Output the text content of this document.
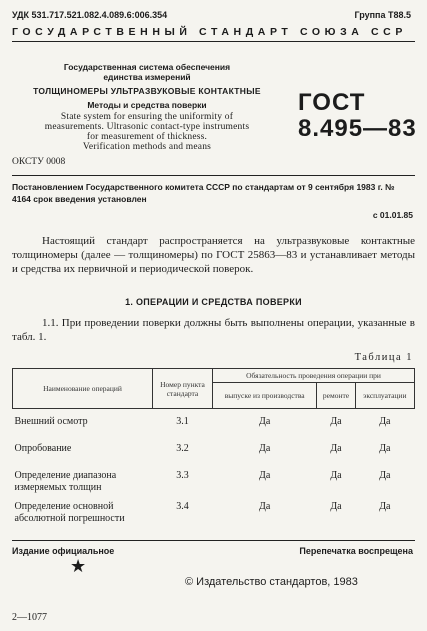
УДК 531.717.521.082.4.089.6:006.354	Группа Т88.5
ГОСУДАРСТВЕННЫЙ СТАНДАРТ СОЮЗА ССР
Государственная система обеспечения
единства измерений
ТОЛЩИНОМЕРЫ УЛЬТРАЗВУКОВЫЕ КОНТАКТНЫЕ
Методы и средства поверки
State system for ensuring the uniformity of
measurements. Ultrasonic contact-type instruments
for measurement of thickness.
Verification methods and means
ГОСТ
8.495—83
ОКСТУ 0008
Постановлением Государственного комитета СССР по стандартам от 9 сентября 1983 г. № 4164 срок введения установлен
с 01.01.85
Настоящий стандарт распространяется на ультразвуковые контактные толщиномеры (далее — толщиномеры) по ГОСТ 25863—83 и устанавливает методы и средства их первичной и периодической поверок.
1. ОПЕРАЦИИ И СРЕДСТВА ПОВЕРКИ
1.1. При проведении поверки должны быть выполнены операции, указанные в табл. 1.
Таблица 1
Наименование операций	Номер пункта стандарта	Обязательность проведения операции при		
		выпуске из производства	ремонте	эксплуатации
Внешний осмотр	3.1	Да	Да	Да
Опробование	3.2	Да	Да	Да
Определение диапазона измеряемых толщин	3.3	Да	Да	Да
Определение основной абсолютной погрешности	3.4	Да	Да	Да
Издание официальное	Перепечатка воспрещена
★
© Издательство стандартов, 1983
2—1077
